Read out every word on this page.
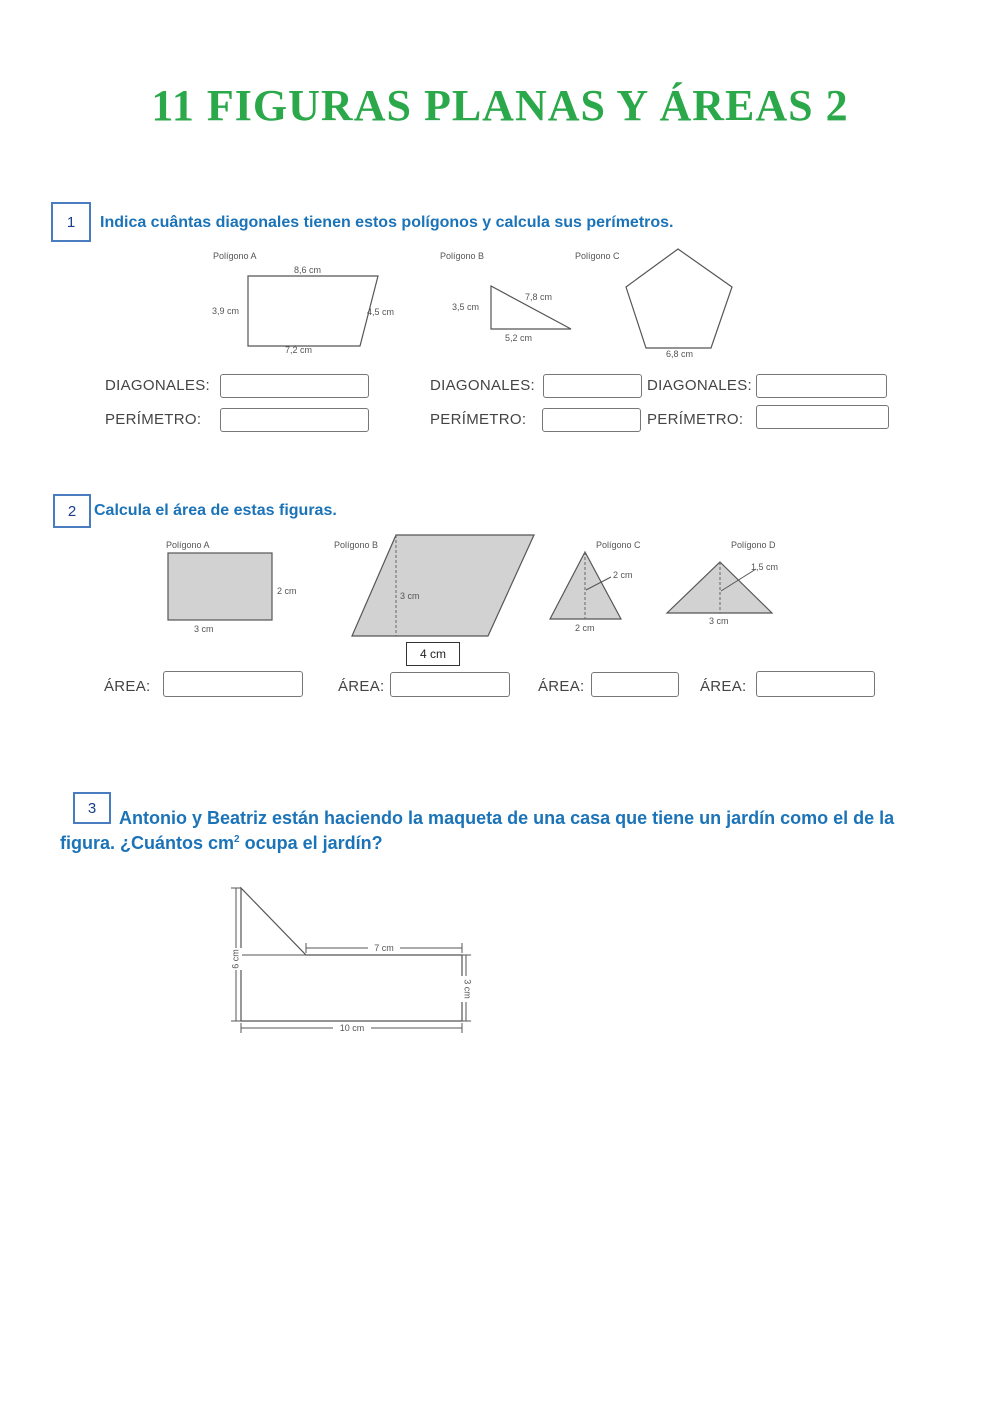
11 FIGURAS PLANAS Y ÁREAS 2
1	Indica cuântas diagonales tienen estos polígonos y calcula sus perímetros.
Polígono A
8,6 cm
3,9 cm	4,5 cm
7,2 cm
Polígono B
3,5 cm
7,8 cm
5,2 cm
Polígono C
6,8 cm
DIAGONALES:
PERÍMETRO:
DIAGONALES:
PERÍMETRO:
DIAGONALES:
PERÍMETRO:
2	Calcula el área de estas figuras.
Polígono A
2 cm
3 cm
Polígono B
3 cm
Polígono C
2 cm
2 cm
Polígono D
1,5 cm
3 cm
4 cm
ÁREA:	ÁREA:	ÁREA:	ÁREA:
3	Antonio y Beatriz están haciendo la maqueta de una casa que tiene un jardín como el de la figura. ¿Cuántos $cm^2$ ocupa el jardín?
6 cm
7 cm
3 cm
10 cm
